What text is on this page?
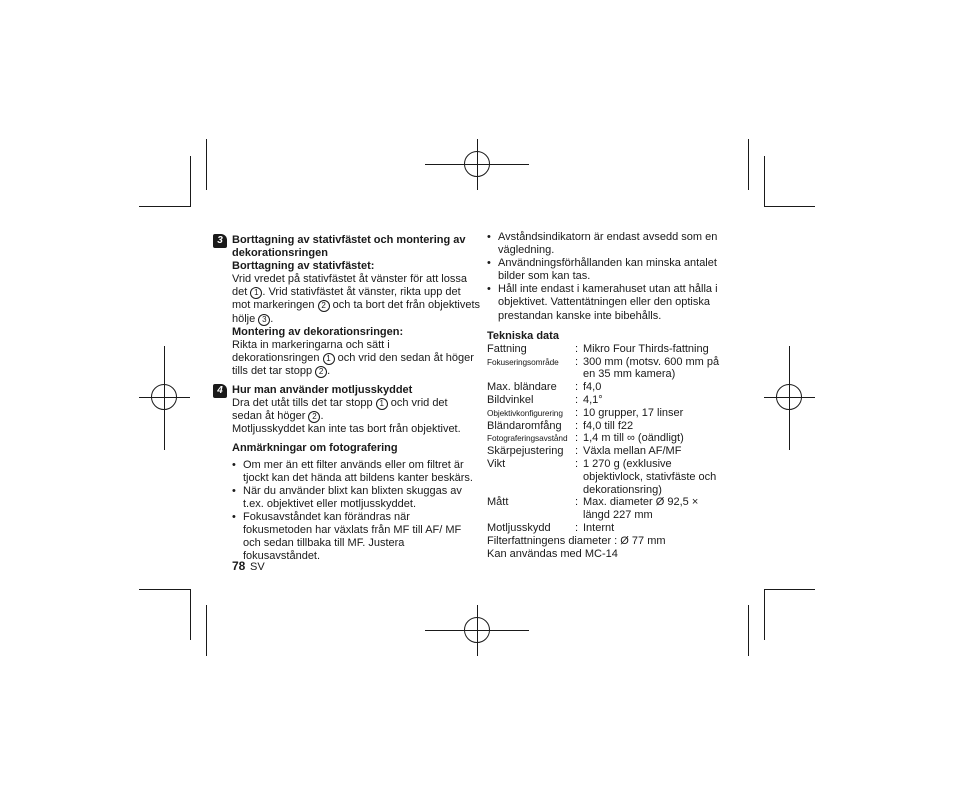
3 Borttagning av stativfästet och montering av dekorationsringen

Borttagning av stativfästet:

Vrid vredet på stativfästet åt vänster för att lossa det 1 . Vrid stativfästet åt vänster, rikta upp det mot markeringen 2 och ta bort det från objektivets hölje 3 .

Montering av dekorationsringen:

Rikta in markeringarna och sätt i dekorationsringen 1 och vrid den sedan åt höger tills det tar stopp 2 .

4 Hur man använder motljusskyddet

Dra det utåt tills det tar stopp 1 och vrid det sedan åt höger 2 .

Motljusskyddet kan inte tas bort från objektivet.

Anmärkningar om fotografering

• Om mer än ett filter används eller om filtret är tjockt kan det hända att bildens kanter beskärs.
• När du använder blixt kan blixten skuggas av t.ex. objektivet eller motljusskyddet.
• Fokusavståndet kan förändras när fokusmetoden har växlats från MF till AF/ MF och sedan tillbaka till MF. Justera fokusavståndet.
• Avståndsindikatorn är endast avsedd som en vägledning.
• Användningsförhållanden kan minska antalet bilder som kan tas.
• Håll inte endast i kamerahuset utan att hålla i objektivet. Vattentätningen eller den optiska prestandan kanske inte bibehålls.

Tekniska data

Fattning	:	Mikro Four Thirds-fattning
Fokuseringsområde	:	300 mm (motsv. 600 mm på en 35 mm kamera)
Max. bländare	:	f4,0
Bildvinkel	:	4,1°
Objektivkonfigurering	:	10 grupper, 17 linser
Bländaromfång	:	f4,0 till f22
Fotograferingsavstånd	:	1,4 m till ∞ (oändligt)
Skärpejustering	:	Växla mellan AF/MF
Vikt	:	1 270 g (exklusive objektivlock, stativfäste och dekorationsring)
Mått	:	Max. diameter Ø 92,5 × längd 227 mm
Motljusskydd	:	Internt

Filterfattningens diameter : Ø 77 mm

Kan användas med MC-14

78 SV
